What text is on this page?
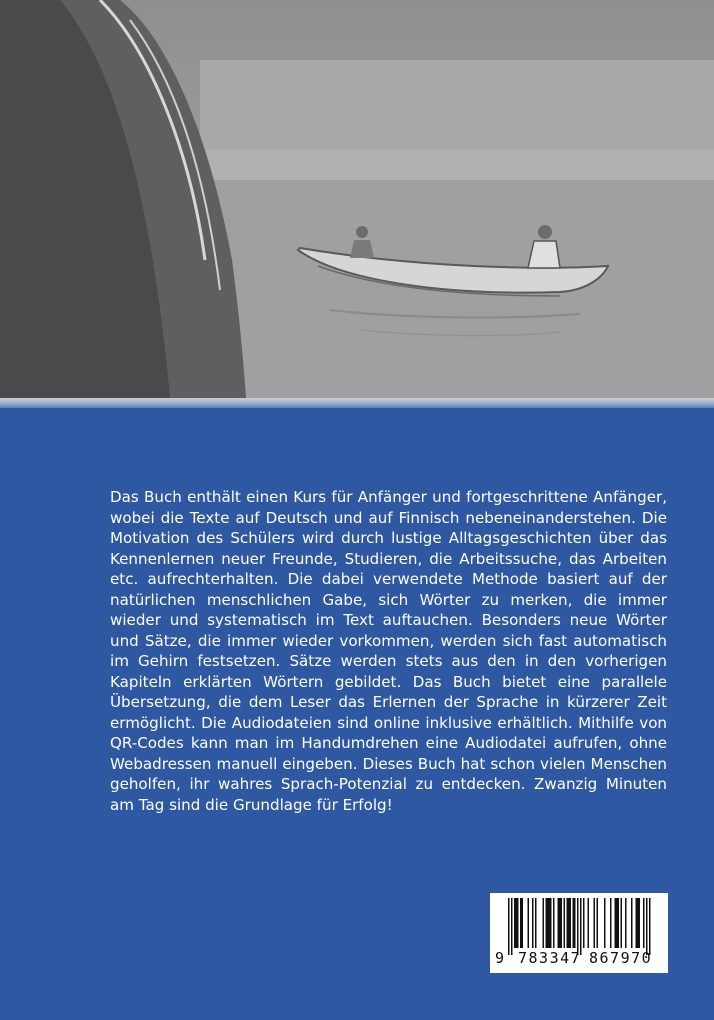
Das Buch enthält einen Kurs für Anfänger und fortgeschrittene Anfänger, wobei die Texte auf Deutsch und auf Finnisch nebeneinanderstehen. Die Motivation des Schülers wird durch lustige Alltagsgeschichten über das Kennenlernen neuer Freunde, Studieren, die Arbeitssuche, das Arbeiten etc. aufrechterhalten. Die dabei verwendete Methode basiert auf der natürlichen menschlichen Gabe, sich Wörter zu merken, die immer wieder und systematisch im Text auftauchen. Besonders neue Wörter und Sätze, die immer wieder vorkommen, werden sich fast automatisch im Gehirn festsetzen. Sätze werden stets aus den in den vorherigen Kapiteln erklärten Wörtern gebildet. Das Buch bietet eine parallele Übersetzung, die dem Leser das Erlernen der Sprache in kürzerer Zeit ermöglicht. Die Audiodateien sind online inklusive erhältlich. Mithilfe von QR-Codes kann man im Handumdrehen eine Audiodatei aufrufen, ohne Webadressen manuell eingeben. Dieses Buch hat schon vielen Menschen geholfen, ihr wahres Sprach-Potenzial zu entdecken. Zwanzig Minuten am Tag sind die Grundlage für Erfolg!

9 783347 867970
